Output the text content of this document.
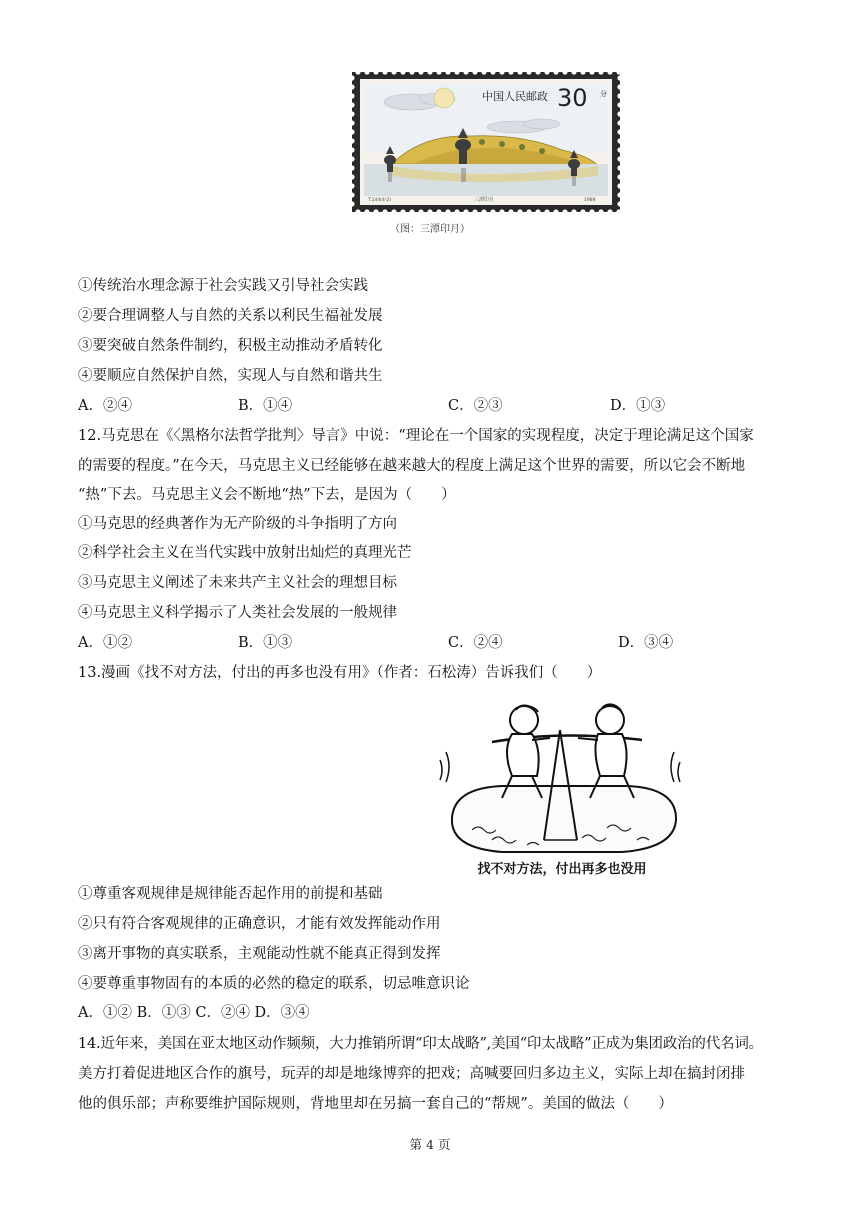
中国人民邮政 30 分
T.144(4-2)	三潭印月	1989
（图：三潭印月）
①传统治水理念源于社会实践又引导社会实践
②要合理调整人与自然的关系以利民生福祉发展
③要突破自然条件制约，积极主动推动矛盾转化
④要顺应自然保护自然，实现人与自然和谐共生
A．②④	B．①④	C．②③	D．①③
12.马克思在《〈黑格尔法哲学批判〉导言》中说：“理论在一个国家的实现程度，决定于理论满足这个国家
的需要的程度。”在今天，马克思主义已经能够在越来越大的程度上满足这个世界的需要，所以它会不断地
“热”下去。马克思主义会不断地“热”下去，是因为（　　）
①马克思的经典著作为无产阶级的斗争指明了方向
②科学社会主义在当代实践中放射出灿烂的真理光芒
③马克思主义阐述了未来共产主义社会的理想目标
④马克思主义科学揭示了人类社会发展的一般规律
A．①②	B．①③	C．②④	D．③④
13.漫画《找不对方法，付出的再多也没有用》（作者：石松涛）告诉我们（　　）
找不对方法，付出再多也没用
①尊重客观规律是规律能否起作用的前提和基础
②只有符合客观规律的正确意识，才能有效发挥能动作用
③离开事物的真实联系，主观能动性就不能真正得到发挥
④要尊重事物固有的本质的必然的稳定的联系，切忌唯意识论
A．①② B．①③ C．②④ D．③④
14.近年来，美国在亚太地区动作频频，大力推销所谓“印太战略”,美国“印太战略”正成为集团政治的代名词。
美方打着促进地区合作的旗号，玩弄的却是地缘博弈的把戏；高喊要回归多边主义，实际上却在搞封闭排
他的俱乐部；声称要维护国际规则，背地里却在另搞一套自己的“帮规”。美国的做法（　　）
第 4 页
